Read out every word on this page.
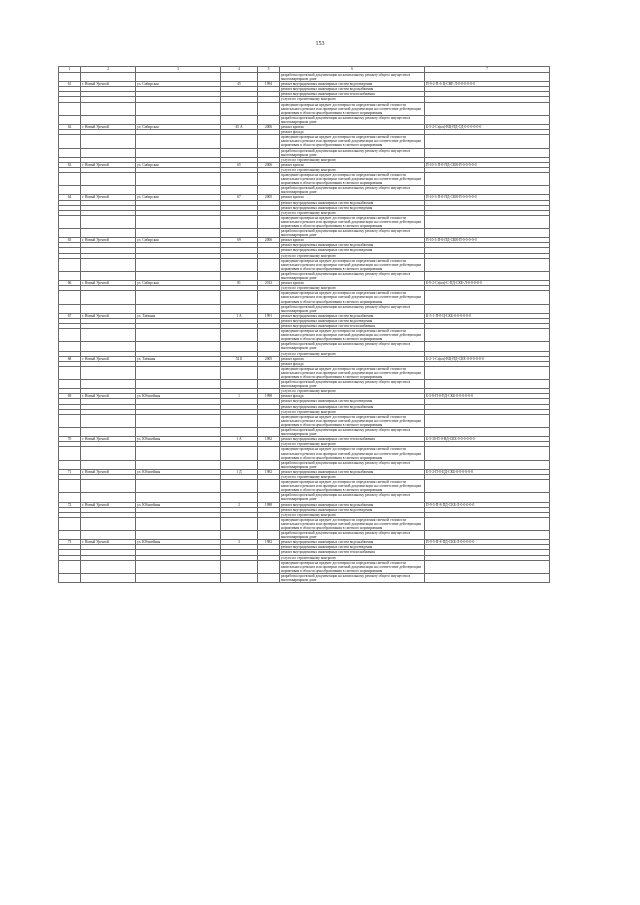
153
1	2	3	4	5	6	7
					разработка проектной документации на капитальному ремонту общего имущества в многоквартирном доме	
61	г. Новый Уренгой	ул. Сибирская	45	1994	ремонт внутридомовых инженерных систем водоотведения	П-9-2-П-6-Ц-СВЕ-Л-0-0-0-0-0-0
					ремонт внутридомовых инженерных систем водоснабжения	
					ремонт внутридомовых инженерных систем теплоснабжения	
					услуги по строительному контролю	
					проведение проверки на предмет достоверности определения сметной стоимости капитального ремонта или проверки сметной документации на соответствие действующим нормативам в области ценообразования в сметного нормирования	
					разработка проектной документации на капитальному ремонту общего имущества в многоквартирном доме	
62	г. Новый Уренгой	ул. Сибирская	45 А	2006	ремонт кровли	Б-5-2-Сэ(кч)-ВЦ-ПД-СД-0-0-0-0-0-0
					ремонт фасада	
					проведение проверки на предмет достоверности определения сметной стоимости капитального ремонта или проверки сметной документации на соответствие действующим нормативам в области ценообразования в сметного нормирования	
					разработка проектной документации на капитальному ремонту общего имущества в многоквартирном доме	
					услуги по строительному контролю	
63	г. Новый Уренгой	ул. Сибирская	65	2006	ремонт кровли	П-10-3-П-0-ПД-СКВ-П-0-0-0-0-0
					услуги по строительному контролю	
					проведение проверки на предмет достоверности определения сметной стоимости капитального ремонта или проверки сметной документации на соответствие действующим нормативам в области ценообразования в сметного нормирования	
					разработка проектной документации на капитальному ремонту общего имущества в многоквартирном доме	
64	г. Новый Уренгой	ул. Сибирская	67	2005	ремонт кровли	П-10-3-П-0-ПД-СКВ-П-0-0-0-0-0
					ремонт внутридомовых инженерных систем водоснабжения	
					ремонт внутридомовых инженерных систем водоотведения	
					услуги по строительному контролю	
					проведение проверки на предмет достоверности определения сметной стоимости капитального ремонта или проверки сметной документации на соответствие действующим нормативам в области ценообразования в сметного нормирования	
					разработка проектной документации на капитальному ремонту общего имущества в многоквартирном доме	
65	г. Новый Уренгой	ул. Сибирская	69	2006	ремонт кровли	П-10-3-П-0-ПД-СКВ-П-0-0-0-0-0
					ремонт внутридомовых инженерных систем водоснабжения	
					ремонт внутридомовых инженерных систем водоотведения	
					услуги по строительному контролю	
					проведение проверки на предмет достоверности определения сметной стоимости капитального ремонта или проверки сметной документации на соответствие действующим нормативам в области ценообразования в сметного нормирования	
					разработка проектной документации на капитальному ремонту общего имущества в многоквартирном доме	
66	г. Новый Уренгой	ул. Сибирская	81	2012	ремонт кровли	Б-9-2-Сэ(кч)-С-ПД-СКЕ-Л-0-0-0-0-0
					услуги по строительному контролю	
					проведение проверки на предмет достоверности определения сметной стоимости капитального ремонта или проверки сметной документации на соответствие действующим нормативам в области ценообразования в сметного нормирования	
					разработка проектной документации на капитальному ремонту общего имущества в многоквартирном доме	
67	г. Новый Уренгой	ул. Таёжная	1 А	1991	ремонт внутридомовых инженерных систем водоснабжения	К-5-1-П-0-Ц-СКБ-0-0-0-0-0-0
					ремонт внутридомовых инженерных систем водоотведения	
					ремонт внутридомовых инженерных систем теплоснабжения	
					проведение проверки на предмет достоверности определения сметной стоимости капитального ремонта или проверки сметной документации на соответствие действующим нормативам в области ценообразования в сметного нормирования	
					разработка проектной документации на капитальному ремонту общего имущества в многоквартирном доме	
					услуги по строительному контролю	
68	г. Новый Уренгой	ул. Таёжная	52 Б	2005	ремонт кровли	Б-2-1-Сэ(кч)-ВЦ-ПД-СКЕ-0-0-0-0-0-0
					ремонт фасада	
					проведение проверки на предмет достоверности определения сметной стоимости капитального ремонта или проверки сметной документации на соответствие действующим нормативам в области ценообразования в сметного нормирования	
					разработка проектной документации на капитальному ремонту общего имущества в многоквартирном доме	
					услуги по строительному контролю	
69	г. Новый Уренгой	ул. Юбилейная	1	1998	ремонт фасада	Б-5-8-П-0-ПД-СКБ-0-0-0-0-0-0
					ремонт внутридомовых инженерных систем водоотведения	
					ремонт внутридомовых инженерных систем водоснабжения	
					услуги по строительному контролю	
					проведение проверки на предмет достоверности определения сметной стоимости капитального ремонта или проверки сметной документации на соответствие действующим нормативам в области ценообразования в сметного нормирования	
					разработка проектной документации на капитальному ремонту общего имущества в многоквартирном доме	
70	г. Новый Уренгой	ул. Юбилейная	1 А	1982	ремонт внутридомовых инженерных систем теплоснабжения	Б-5-30-П-0-ВД-СКБ-0-0-0-0-0-0
					услуги по строительному контролю	
					проведение проверки на предмет достоверности определения сметной стоимости капитального ремонта или проверки сметной документации на соответствие действующим нормативам в области ценообразования в сметного нормирования	
					разработка проектной документации на капитальному ремонту общего имущества в многоквартирном доме	
71	г. Новый Уренгой	ул. Юбилейная	1 Д	1982	ремонт внутридомовых инженерных систем водоснабжения	Б-5-2-П-0-ЦД-СКБ-0-0-0-0-0-0
					услуги по строительному контролю	
					проведение проверки на предмет достоверности определения сметной стоимости капитального ремонта или проверки сметной документации на соответствие действующим нормативам в области ценообразования в сметного нормирования	
					разработка проектной документации на капитальному ремонту общего имущества в многоквартирном доме	
72	г. Новый Уренгой	ул. Юбилейная	2	1988	ремонт внутридомовых инженерных систем водоснабжения	П-9-5-П-8-ПД-СКБ-Л-0-0-0-0-0
					ремонт внутридомовых инженерных систем водоотведения	
					услуги по строительному контролю	
					проведение проверки на предмет достоверности определения сметной стоимости капитального ремонта или проверки сметной документации на соответствие действующим нормативам в области ценообразования в сметного нормирования	
					разработка проектной документации на капитальному ремонту общего имущества в многоквартирном доме	
73	г. Новый Уренгой	ул. Юбилейная	3	1982	ремонт внутридомовых инженерных систем водоснабжения	П-9-5-П-8-ПД-СКБ-Л-0-0-0-0-0
					ремонт внутридомовых инженерных систем водоотведения	
					ремонт внутридомовых инженерных систем теплоснабжения	
					услуги по строительному контролю	
					проведение проверки на предмет достоверности определения сметной стоимости капитального ремонта или проверки сметной документации на соответствие действующим нормативам в области ценообразования в сметного нормирования	
					разработка проектной документации на капитальному ремонту общего имущества в многоквартирном доме	
